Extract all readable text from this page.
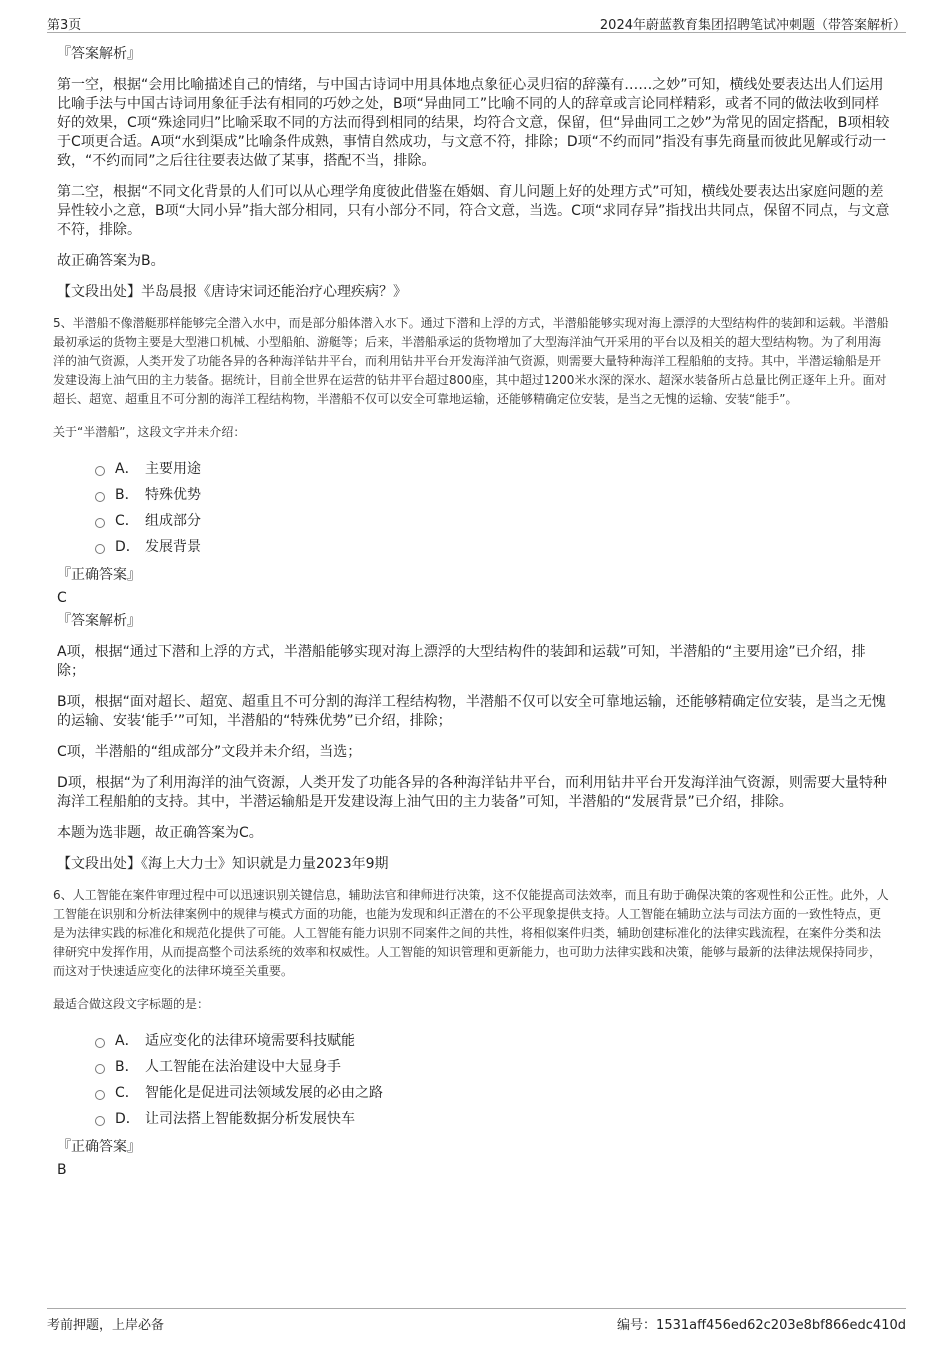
第3页	2024年蔚蓝教育集团招聘笔试冲刺题（带答案解析）
『答案解析』

第一空，根据“会用比喻描述自己的情绪，与中国古诗词中用具体地点象征心灵归宿的辞藻有……之妙”可知，横线处要表达出人们运用比喻手法与中国古诗词用象征手法有相同的巧妙之处，B项“异曲同工”比喻不同的人的辞章或言论同样精彩，或者不同的做法收到同样好的效果，C项“殊途同归”比喻采取不同的方法而得到相同的结果，均符合文意，保留，但“异曲同工之妙”为常见的固定搭配，B项相较于C项更合适。A项“水到渠成”比喻条件成熟，事情自然成功，与文意不符，排除；D项“不约而同”指没有事先商量而彼此见解或行动一致，“不约而同”之后往往要表达做了某事，搭配不当，排除。

第二空，根据“不同文化背景的人们可以从心理学角度彼此借鉴在婚姻、育儿问题上好的处理方式”可知，横线处要表达出家庭问题的差异性较小之意，B项“大同小异”指大部分相同，只有小部分不同，符合文意，当选。C项“求同存异”指找出共同点，保留不同点，与文意不符，排除。

故正确答案为B。

【文段出处】半岛晨报《唐诗宋词还能治疗心理疾病？》

5、半潜船不像潜艇那样能够完全潜入水中，而是部分船体潜入水下。通过下潜和上浮的方式，半潜船能够实现对海上漂浮的大型结构件的装卸和运载。半潜船最初承运的货物主要是大型港口机械、小型船舶、游艇等；后来，半潜船承运的货物增加了大型海洋油气开采用的平台以及相关的超大型结构物。为了利用海洋的油气资源，人类开发了功能各异的各种海洋钻井平台，而利用钻井平台开发海洋油气资源，则需要大量特种海洋工程船舶的支持。其中，半潜运输船是开发建设海上油气田的主力装备。据统计，目前全世界在运营的钻井平台超过800座，其中超过1200米水深的深水、超深水装备所占总量比例正逐年上升。面对超长、超宽、超重且不可分割的海洋工程结构物，半潜船不仅可以安全可靠地运输，还能够精确定位安装，是当之无愧的运输、安装“能手”。

关于“半潜船”，这段文字并未介绍：

A． 主要用途
B． 特殊优势
C． 组成部分
D． 发展背景
『正确答案』
C
『答案解析』

A项，根据“通过下潜和上浮的方式，半潜船能够实现对海上漂浮的大型结构件的装卸和运载”可知，半潜船的“主要用途”已介绍，排除；

B项，根据“面对超长、超宽、超重且不可分割的海洋工程结构物，半潜船不仅可以安全可靠地运输，还能够精确定位安装，是当之无愧的运输、安装‘能手’”可知，半潜船的“特殊优势”已介绍，排除；

C项，半潜船的“组成部分”文段并未介绍，当选；

D项，根据“为了利用海洋的油气资源，人类开发了功能各异的各种海洋钻井平台，而利用钻井平台开发海洋油气资源，则需要大量特种海洋工程船舶的支持。其中，半潜运输船是开发建设海上油气田的主力装备”可知，半潜船的“发展背景”已介绍，排除。

本题为选非题，故正确答案为C。

【文段出处】《海上大力士》知识就是力量2023年9期

6、人工智能在案件审理过程中可以迅速识别关键信息，辅助法官和律师进行决策，这不仅能提高司法效率，而且有助于确保决策的客观性和公正性。此外，人工智能在识别和分析法律案例中的规律与模式方面的功能，也能为发现和纠正潜在的不公平现象提供支持。人工智能在辅助立法与司法方面的一致性特点，更是为法律实践的标准化和规范化提供了可能。人工智能有能力识别不同案件之间的共性，将相似案件归类，辅助创建标准化的法律实践流程，在案件分类和法律研究中发挥作用，从而提高整个司法系统的效率和权威性。人工智能的知识管理和更新能力，也可助力法律实践和决策，能够与最新的法律法规保持同步，而这对于快速适应变化的法律环境至关重要。

最适合做这段文字标题的是：

A． 适应变化的法律环境需要科技赋能
B． 人工智能在法治建设中大显身手
C． 智能化是促进司法领域发展的必由之路
D． 让司法搭上智能数据分析发展快车
『正确答案』
B
考前押题，上岸必备	编号：1531aff456ed62c203e8bf866edc410d
